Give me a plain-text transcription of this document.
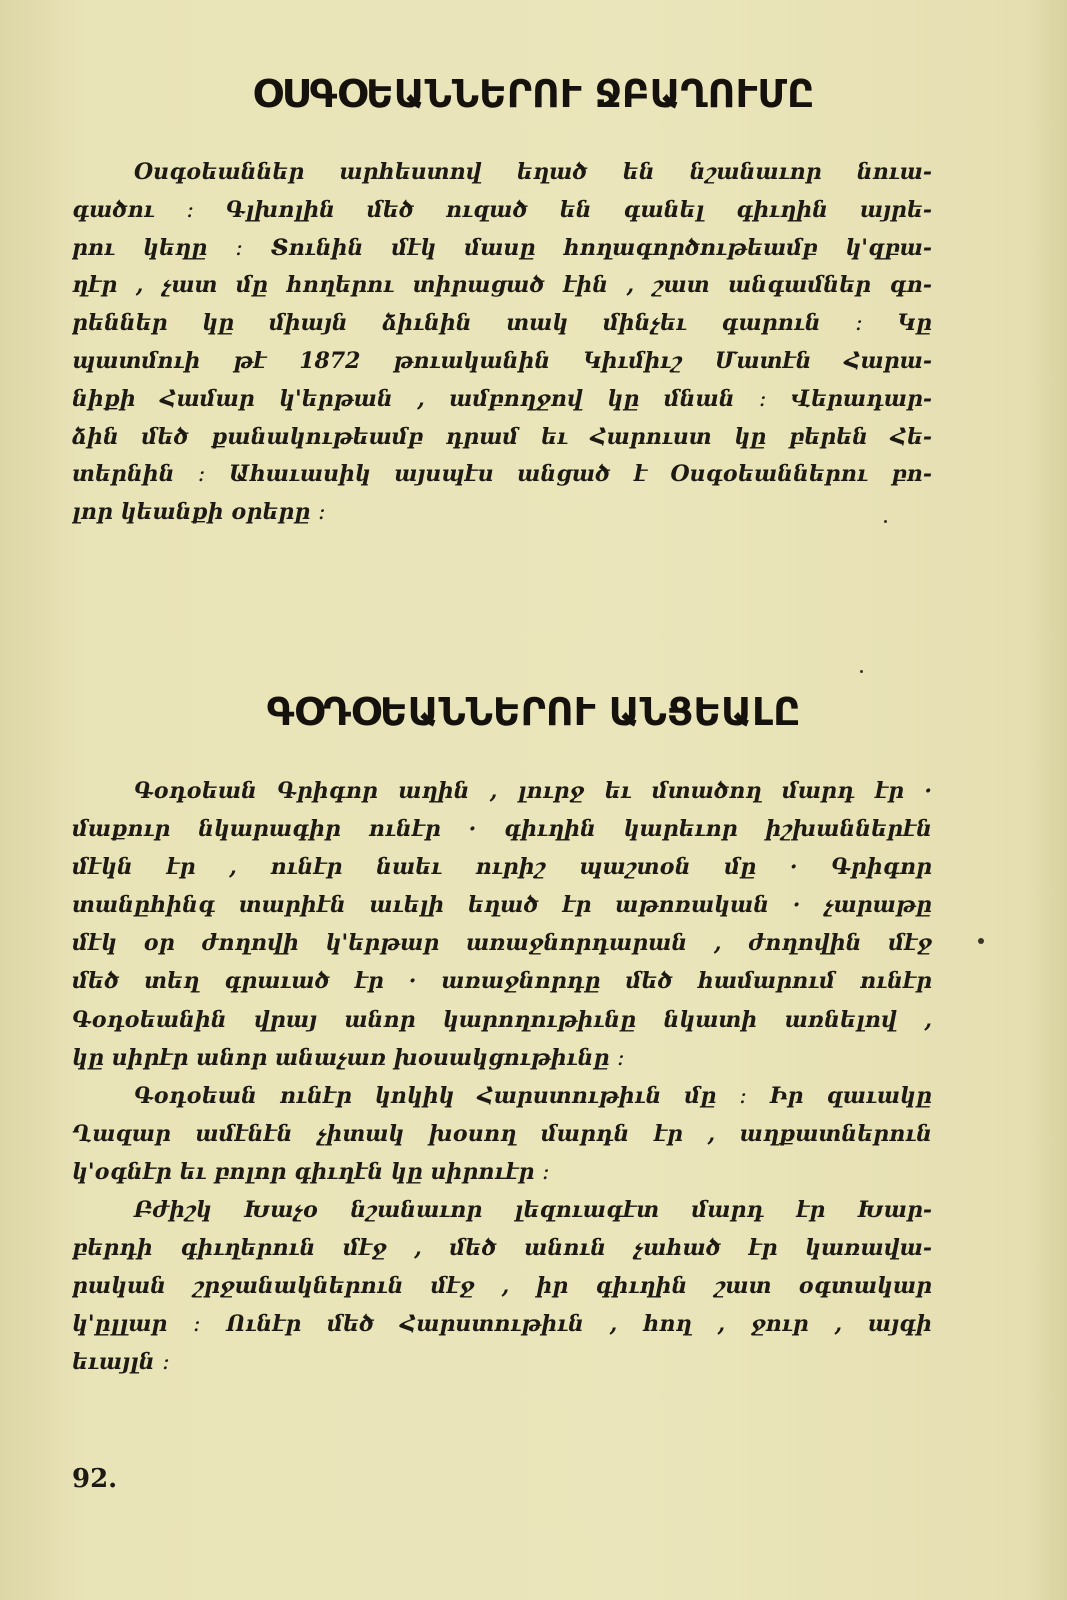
ՕՍԳՕԵԱՆՆԵՐՈՒ ՋԲԱՂՈՒՄԸ
Օսգօեաններ արհեստով եղած են նշանաւոր նուա-
գածու ։ Գլխոլին մեծ ուզած են գանել գիւղին այրե-
րու կեղը ։ Տունին մէկ մասը հողագործութեամբ կ'զբա-
ղէր , չատ մը հողերու տիրացած էին , շատ անգամներ գո-
րեններ կը միայն ձիւնին տակ մինչեւ գարուն ։ Կը
պատմուի թէ 1872 թուականին Կիւմիւշ Մատէն Հարա-
նիքի Համար կ'երթան , ամբողջով կը մնան ։ Վերադար-
ձին մեծ քանակութեամբ դրամ եւ Հարուստ կը բերեն Հե-
տերնին ։ Ահաւասիկ այսպէս անցած է Օսգօեաններու բո-
լոր կեանքի օրերը ։
ԳՕԴՕԵԱՆՆԵՐՈՒ ԱՆՑԵԱԼԸ
Գօդօեան Գրիգոր աղին , լուրջ եւ մտածող մարդ էր ·
մաքուր նկարագիր ունէր · գիւղին կարեւոր իշխաններէն
մէկն էր , ունէր նաեւ ուրիշ պաշտօն մը · Գրիգոր
տանըհինգ տարիէն աւելի եղած էր աթոռական · չարաթը
մէկ օր ժողովի կ'երթար առաջնորդարան , ժողովին մէջ
մեծ տեղ գրաւած էր · առաջնորդը մեծ համարում ունէր
Գօդօեանին վրայ անոր կարողութիւնը նկատի առնելով ,
կը սիրէր անոր անաչառ խօսակցութիւնը ։
Գօդօեան ունէր կոկիկ Հարստութիւն մը ։ Իր զաւակը
Ղազար ամէնէն չիտակ խօսող մարդն էր , աղքատներուն
կ'օգնէր եւ բոլոր գիւղէն կը սիրուէր ։
Բժիշկ Խաչօ նշանաւոր լեզուագէտ մարդ էր Խար-
բերդի գիւղերուն մէջ , մեծ անուն չահած էր կառավա-
րական շրջանակներուն մէջ , իր գիւղին շատ օգտակար
կ'ըլլար ։ Ունէր մեծ Հարստութիւն , հող , ջուր , այգի
եւայլն ։
92.
